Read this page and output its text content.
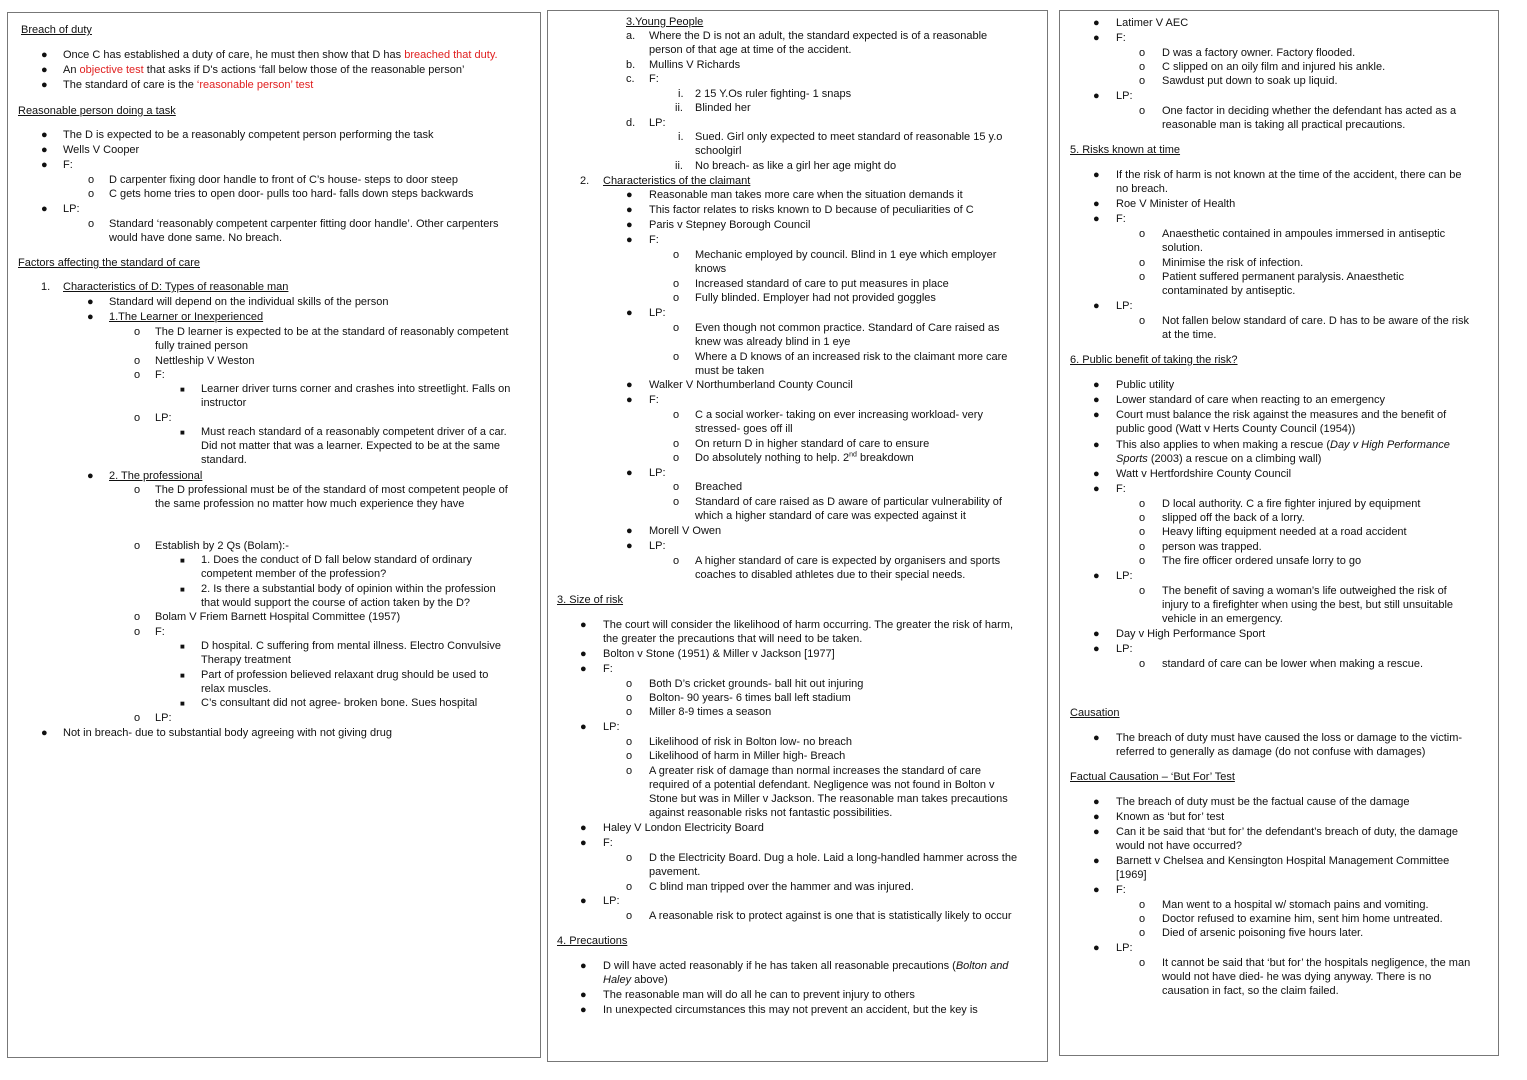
Breach of duty
● Once C has established a duty of care, he must then show that D has breached that duty.
● An objective test that asks if D's actions ‘fall below those of the reasonable person’
● The standard of care is the ‘reasonable person’ test
Reasonable person doing a task
● The D is expected to be a reasonably competent person performing the task
● Wells V Cooper
● F:
o D carpenter fixing door handle to front of C’s house- steps to door steep
o C gets home tries to open door- pulls too hard- falls down steps backwards
● LP:
o Standard ‘reasonably competent carpenter fitting door handle’. Other carpenters
would have done same. No breach.
Factors affecting the standard of care
1. Characteristics of D: Types of reasonable man
● Standard will depend on the individual skills of the person
● 1.The Learner or Inexperienced
o The D learner is expected to be at the standard of reasonably competent
fully trained person
o Nettleship V Weston
o F:
■ Learner driver turns corner and crashes into streetlight. Falls on
instructor
o LP:
■ Must reach standard of a reasonably competent driver of a car.
Did not matter that was a learner. Expected to be at the same
standard.
● 2. The professional
o The D professional must be of the standard of most competent people of
the same profession no matter how much experience they have
o Establish by 2 Qs (Bolam):-
■ 1. Does the conduct of D fall below standard of ordinary
competent member of the profession?
■ 2. Is there a substantial body of opinion within the profession
that would support the course of action taken by the D?
o Bolam V Friem Barnett Hospital Committee (1957)
o F:
■ D hospital. C suffering from mental illness. Electro Convulsive
Therapy treatment
■ Part of profession believed relaxant drug should be used to
relax muscles.
■ C’s consultant did not agree- broken bone. Sues hospital
o LP:
● Not in breach- due to substantial body agreeing with not giving drug
3.Young People
a. Where the D is not an adult, the standard expected is of a reasonable
person of that age at time of the accident.
b. Mullins V Richards
c. F:
i. 2 15 Y.Os ruler fighting- 1 snaps
ii. Blinded her
d. LP:
i. Sued. Girl only expected to meet standard of reasonable 15 y.o
schoolgirl
ii. No breach- as like a girl her age might do
2. Characteristics of the claimant
● Reasonable man takes more care when the situation demands it
● This factor relates to risks known to D because of peculiarities of C
● Paris v Stepney Borough Council
● F:
o Mechanic employed by council. Blind in 1 eye which employer
knows
o Increased standard of care to put measures in place
o Fully blinded. Employer had not provided goggles
● LP:
o Even though not common practice. Standard of Care raised as
knew was already blind in 1 eye
o Where a D knows of an increased risk to the claimant more care
must be taken
● Walker V Northumberland County Council
● F:
o C a social worker- taking on ever increasing workload- very
stressed- goes off ill
o On return D in higher standard of care to ensure
o Do absolutely nothing to help. 2nd breakdown
● LP:
o Breached
o Standard of care raised as D aware of particular vulnerability of
which a higher standard of care was expected against it
● Morell V Owen
● LP:
o A higher standard of care is expected by organisers and sports
coaches to disabled athletes due to their special needs.
3. Size of risk
● The court will consider the likelihood of harm occurring. The greater the risk of harm,
the greater the precautions that will need to be taken.
● Bolton v Stone (1951) & Miller v Jackson [1977]
● F:
o Both D’s cricket grounds- ball hit out injuring
o Bolton- 90 years- 6 times ball left stadium
o Miller 8-9 times a season
● LP:
o Likelihood of risk in Bolton low- no breach
o Likelihood of harm in Miller high- Breach
o A greater risk of damage than normal increases the standard of care
required of a potential defendant. Negligence was not found in Bolton v
Stone but was in Miller v Jackson. The reasonable man takes precautions
against reasonable risks not fantastic possibilities.
● Haley V London Electricity Board
● F:
o D the Electricity Board. Dug a hole. Laid a long-handled hammer across the
pavement.
o C blind man tripped over the hammer and was injured.
● LP:
o A reasonable risk to protect against is one that is statistically likely to occur
4. Precautions
● D will have acted reasonably if he has taken all reasonable precautions (Bolton and
Haley above)
● The reasonable man will do all he can to prevent injury to others
● In unexpected circumstances this may not prevent an accident, but the key is
● Latimer V AEC
● F:
o D was a factory owner. Factory flooded.
o C slipped on an oily film and injured his ankle.
o Sawdust put down to soak up liquid.
● LP:
o One factor in deciding whether the defendant has acted as a
reasonable man is taking all practical precautions.
5. Risks known at time
● If the risk of harm is not known at the time of the accident, there can be
no breach.
● Roe V Minister of Health
● F:
o Anaesthetic contained in ampoules immersed in antiseptic
solution.
o Minimise the risk of infection.
o Patient suffered permanent paralysis. Anaesthetic
contaminated by antiseptic.
● LP:
o Not fallen below standard of care. D has to be aware of the risk
at the time.
6. Public benefit of taking the risk?
● Public utility
● Lower standard of care when reacting to an emergency
● Court must balance the risk against the measures and the benefit of
public good (Watt v Herts County Council (1954))
● This also applies to when making a rescue (Day v High Performance
Sports (2003) a rescue on a climbing wall)
● Watt v Hertfordshire County Council
● F:
o D local authority. C a fire fighter injured by equipment
o slipped off the back of a lorry.
o Heavy lifting equipment needed at a road accident
o person was trapped.
o The fire officer ordered unsafe lorry to go
● LP:
o The benefit of saving a woman’s life outweighed the risk of
injury to a firefighter when using the best, but still unsuitable
vehicle in an emergency.
● Day v High Performance Sport
● LP:
o standard of care can be lower when making a rescue.
Causation
● The breach of duty must have caused the loss or damage to the victim-
referred to generally as damage (do not confuse with damages)
Factual Causation – ‘But For’ Test
● The breach of duty must be the factual cause of the damage
● Known as ‘but for’ test
● Can it be said that ‘but for’ the defendant’s breach of duty, the damage
would not have occurred?
● Barnett v Chelsea and Kensington Hospital Management Committee
[1969]
● F:
o Man went to a hospital w/ stomach pains and vomiting.
o Doctor refused to examine him, sent him home untreated.
o Died of arsenic poisoning five hours later.
● LP:
o It cannot be said that ‘but for’ the hospitals negligence, the man
would not have died- he was dying anyway. There is no
causation in fact, so the claim failed.
